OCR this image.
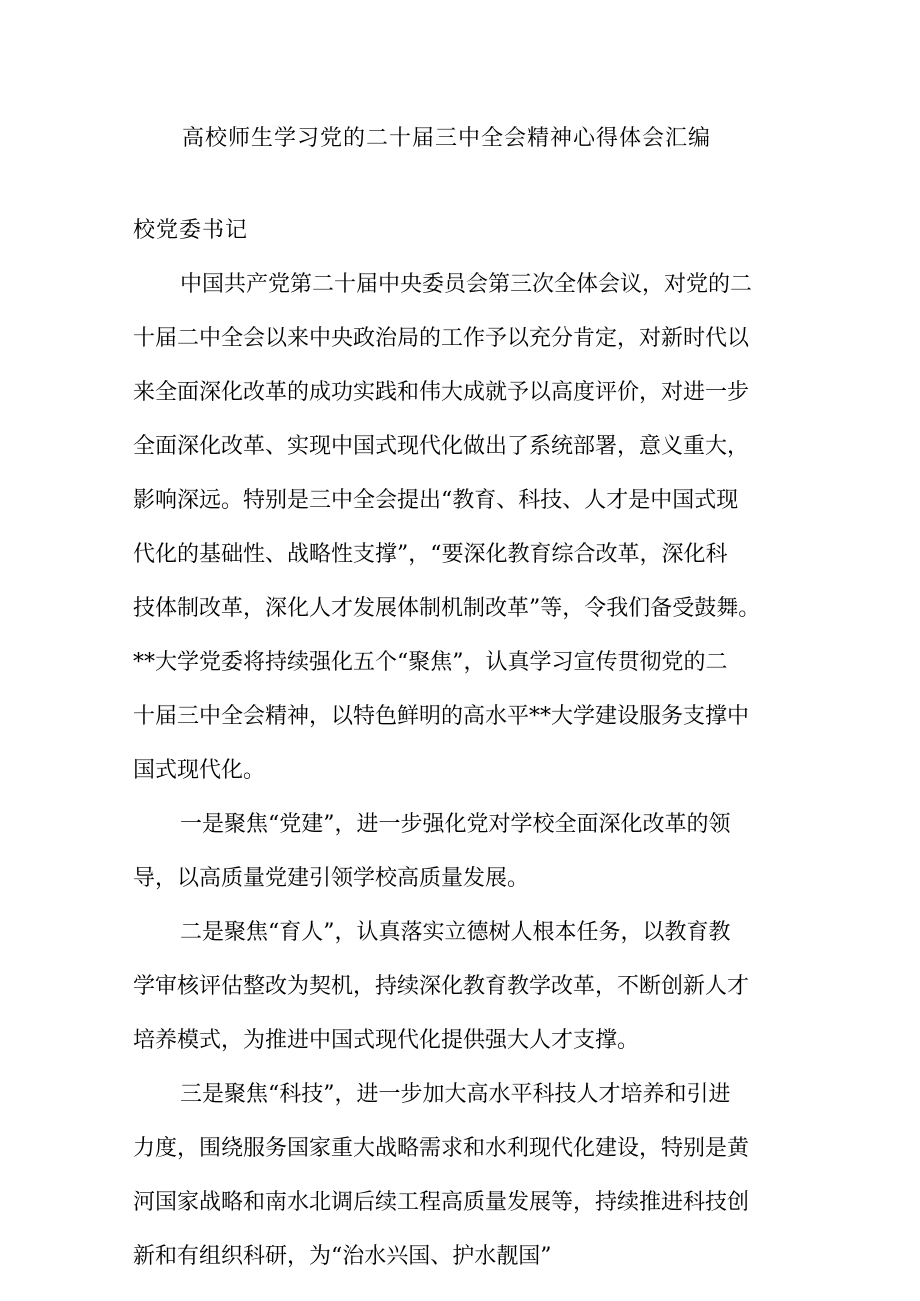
高校师生学习党的二十届三中全会精神心得体会汇编
校党委书记
中国共产党第二十届中央委员会第三次全体会议，对党的二
十届二中全会以来中央政治局的工作予以充分肯定，对新时代以
来全面深化改革的成功实践和伟大成就予以高度评价，对进一步
全面深化改革、实现中国式现代化做出了系统部署，意义重大，
影响深远。特别是三中全会提出“教育、科技、人才是中国式现
代化的基础性、战略性支撑”，“要深化教育综合改革，深化科
技体制改革，深化人才发展体制机制改革”等，令我们备受鼓舞。
**大学党委将持续强化五个“聚焦”，认真学习宣传贯彻党的二
十届三中全会精神，以特色鲜明的高水平**大学建设服务支撑中
国式现代化。
一是聚焦“党建”，进一步强化党对学校全面深化改革的领
导，以高质量党建引领学校高质量发展。
二是聚焦“育人”，认真落实立德树人根本任务，以教育教
学审核评估整改为契机，持续深化教育教学改革，不断创新人才
培养模式，为推进中国式现代化提供强大人才支撑。
三是聚焦“科技”，进一步加大高水平科技人才培养和引进
力度，围绕服务国家重大战略需求和水利现代化建设，特别是黄
河国家战略和南水北调后续工程高质量发展等，持续推进科技创
新和有组织科研，为“治水兴国、护水靓国”
